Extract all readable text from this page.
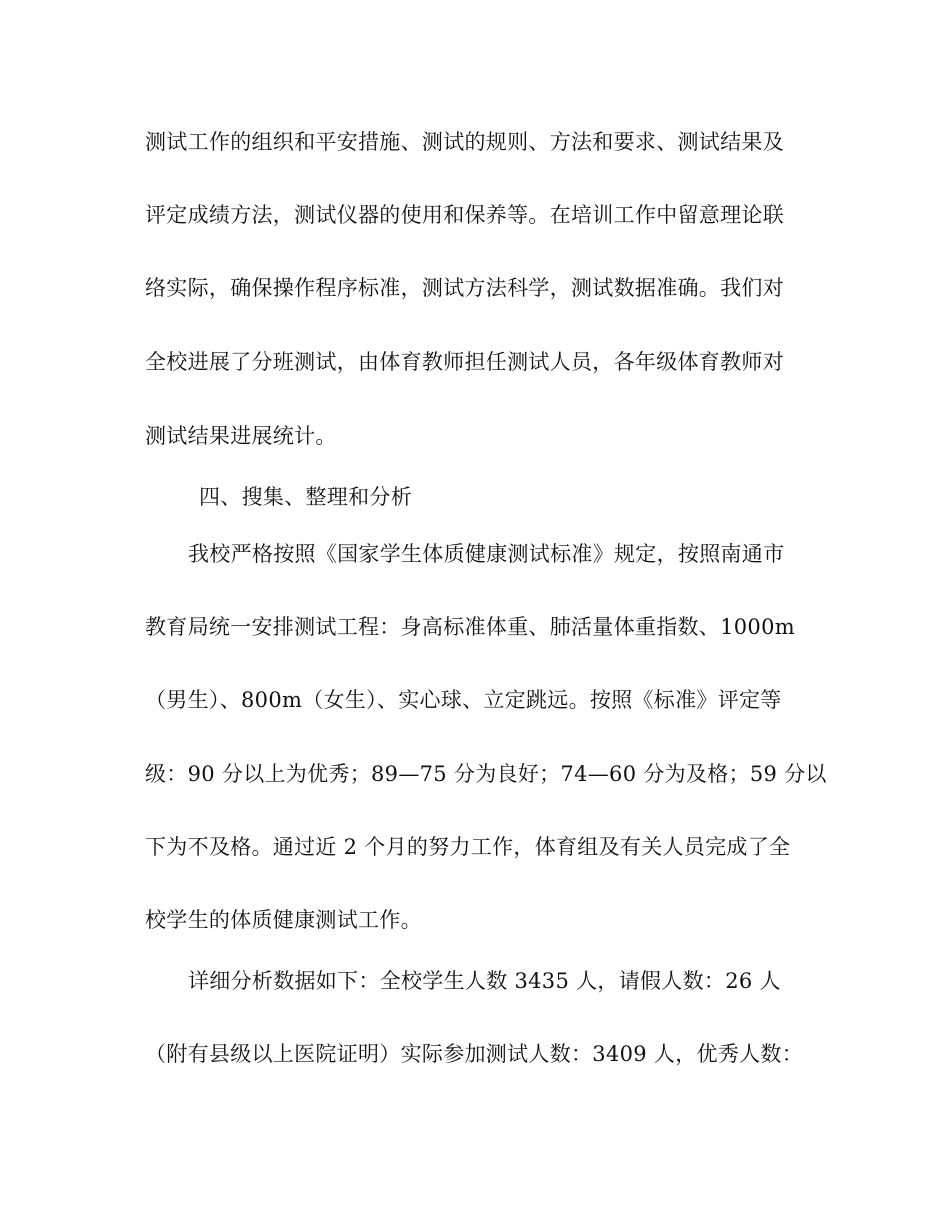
测试工作的组织和平安措施、测试的规则、方法和要求、测试结果及
评定成绩方法，测试仪器的使用和保养等。在培训工作中留意理论联
络实际，确保操作程序标准，测试方法科学，测试数据准确。我们对
全校进展了分班测试，由体育教师担任测试人员，各年级体育教师对
测试结果进展统计。
四、搜集、整理和分析
我校严格按照《国家学生体质健康测试标准》规定，按照南通市
教育局统一安排测试工程：身高标准体重、肺活量体重指数、1000m
（男生）、800m（女生）、实心球、立定跳远。按照《标准》评定等
级：90 分以上为优秀；89—75 分为良好；74—60 分为及格；59 分以
下为不及格。通过近 2 个月的努力工作，体育组及有关人员完成了全
校学生的体质健康测试工作。
详细分析数据如下：全校学生人数 3435 人，请假人数：26 人
（附有县级以上医院证明）实际参加测试人数：3409 人，优秀人数：
